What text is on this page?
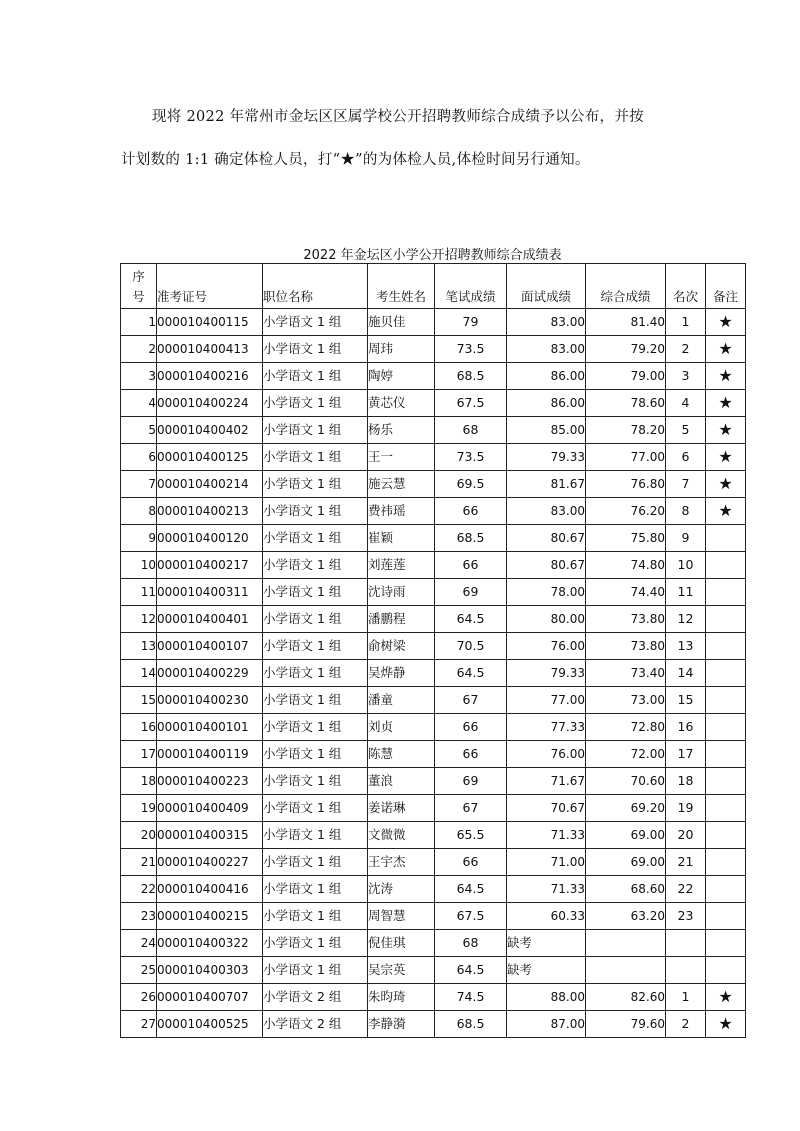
现将 2022 年常州市金坛区区属学校公开招聘教师综合成绩予以公布，并按
计划数的 1:1 确定体检人员，打“★”的为体检人员,体检时间另行通知。
2022 年金坛区小学公开招聘教师综合成绩表
序
号	准考证号	职位名称	考生姓名	笔试成绩	面试成绩	综合成绩	名次	备注
1	000010400115	小学语文 1 组	施贝佳	79	83.00	81.40	1	★
2	000010400413	小学语文 1 组	周玮	73.5	83.00	79.20	2	★
3	000010400216	小学语文 1 组	陶婷	68.5	86.00	79.00	3	★
4	000010400224	小学语文 1 组	黄芯仪	67.5	86.00	78.60	4	★
5	000010400402	小学语文 1 组	杨乐	68	85.00	78.20	5	★
6	000010400125	小学语文 1 组	王一	73.5	79.33	77.00	6	★
7	000010400214	小学语文 1 组	施云慧	69.5	81.67	76.80	7	★
8	000010400213	小学语文 1 组	费祎瑶	66	83.00	76.20	8	★
9	000010400120	小学语文 1 组	崔颖	68.5	80.67	75.80	9	
10	000010400217	小学语文 1 组	刘莲莲	66	80.67	74.80	10	
11	000010400311	小学语文 1 组	沈诗雨	69	78.00	74.40	11	
12	000010400401	小学语文 1 组	潘鹏程	64.5	80.00	73.80	12	
13	000010400107	小学语文 1 组	俞树梁	70.5	76.00	73.80	13	
14	000010400229	小学语文 1 组	吴烨静	64.5	79.33	73.40	14	
15	000010400230	小学语文 1 组	潘童	67	77.00	73.00	15	
16	000010400101	小学语文 1 组	刘贞	66	77.33	72.80	16	
17	000010400119	小学语文 1 组	陈慧	66	76.00	72.00	17	
18	000010400223	小学语文 1 组	董浪	69	71.67	70.60	18	
19	000010400409	小学语文 1 组	姜诺琳	67	70.67	69.20	19	
20	000010400315	小学语文 1 组	文微微	65.5	71.33	69.00	20	
21	000010400227	小学语文 1 组	王宇杰	66	71.00	69.00	21	
22	000010400416	小学语文 1 组	沈涛	64.5	71.33	68.60	22	
23	000010400215	小学语文 1 组	周智慧	67.5	60.33	63.20	23	
24	000010400322	小学语文 1 组	倪佳琪	68	缺考			
25	000010400303	小学语文 1 组	吴宗英	64.5	缺考			
26	000010400707	小学语文 2 组	朱昀琦	74.5	88.00	82.60	1	★
27	000010400525	小学语文 2 组	李静漪	68.5	87.00	79.60	2	★
